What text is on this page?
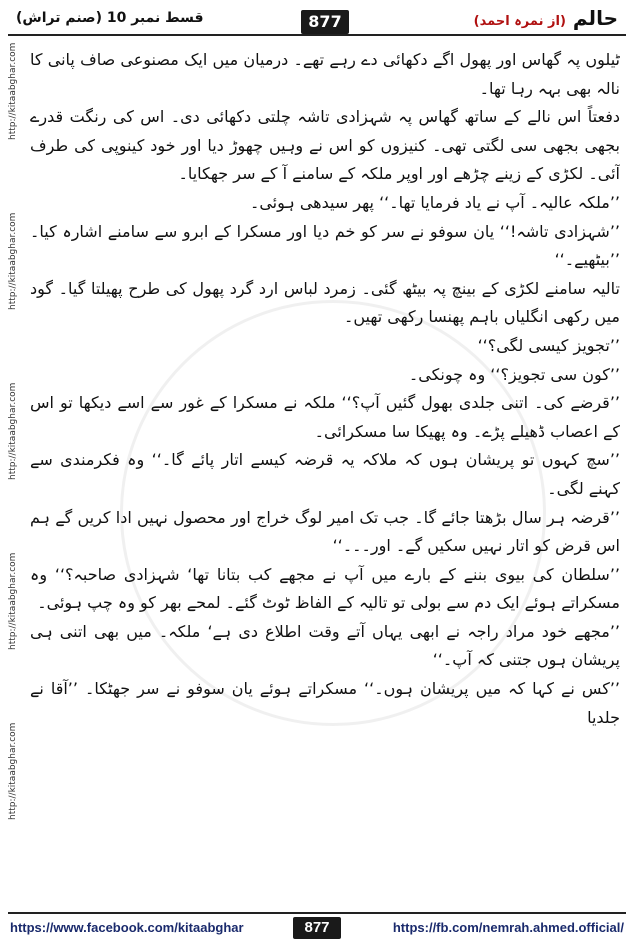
قسط نمبر 10 (صنم تراش)	877	حالم (از نمرہ احمد)
http://kitaabghar.com
http://kitaabghar.com
http://kitaabghar.com
http://kitaabghar.com
http://kitaabghar.com

ٹیلوں پہ گھاس اور پھول اگے دکھائی دے رہے تھے۔ درمیان میں ایک مصنوعی صاف پانی کا نالہ بھی بہہ رہا تھا۔

دفعتاً اس نالے کے ساتھ گھاس پہ شہزادی تاشہ چلتی دکھائی دی۔ اس کی رنگت قدرے بجھی بجھی سی لگتی تھی۔ کنیزوں کو اس نے وہیں چھوڑ دیا اور خود کینوپی کی طرف آئی۔ لکڑی کے زینے چڑھے اور اوپر ملکہ کے سامنے آ کے سر جھکایا۔

’’ملکہ عالیہ۔ آپ نے یاد فرمایا تھا۔‘‘ پھر سیدھی ہوئی۔

’’شہزادی تاشہ!‘‘ یان سوفو نے سر کو خم دیا اور مسکرا کے ابرو سے سامنے اشارہ کیا۔ ’’بیٹھیے۔‘‘

تالیہ سامنے لکڑی کے بینچ پہ بیٹھ گئی۔ زمرد لباس ارد گرد پھول کی طرح پھیلتا گیا۔ گود میں رکھی انگلیاں باہم پھنسا رکھی تھیں۔

’’تجویز کیسی لگی؟‘‘

’’کون سی تجویز؟‘‘ وہ چونکی۔

’’قرضے کی۔ اتنی جلدی بھول گئیں آپ؟‘‘ ملکہ نے مسکرا کے غور سے اسے دیکھا تو اس کے اعصاب ڈھیلے پڑے۔ وہ پھیکا سا مسکرائی۔

’’سچ کہوں تو پریشان ہوں کہ ملاکہ یہ قرضہ کیسے اتار پائے گا۔‘‘ وہ فکرمندی سے کہنے لگی۔

’’قرضہ ہر سال بڑھتا جائے گا۔ جب تک امیر لوگ خراج اور محصول نہیں ادا کریں گے ہم اس قرض کو اتار نہیں سکیں گے۔ اور۔۔۔‘‘

’’سلطان کی بیوی بننے کے بارے میں آپ نے مجھے کب بتانا تھا‘ شہزادی صاحبہ؟‘‘ وہ مسکراتے ہوئے ایک دم سے بولی تو تالیہ کے الفاظ ٹوٹ گئے۔ لمحے بھر کو وہ چپ ہوئی۔

’’مجھے خود مراد راجہ نے ابھی یہاں آتے وقت اطلاع دی ہے‘ ملکہ۔ میں بھی اتنی ہی پریشان ہوں جتنی کہ آپ۔‘‘

’’کس نے کہا کہ میں پریشان ہوں۔‘‘ مسکراتے ہوئے یان سوفو نے سر جھٹکا۔ ’’آقا نے جلدیا

https://www.facebook.com/kitaabghar	877	https://fb.com/nemrah.ahmed.official/
